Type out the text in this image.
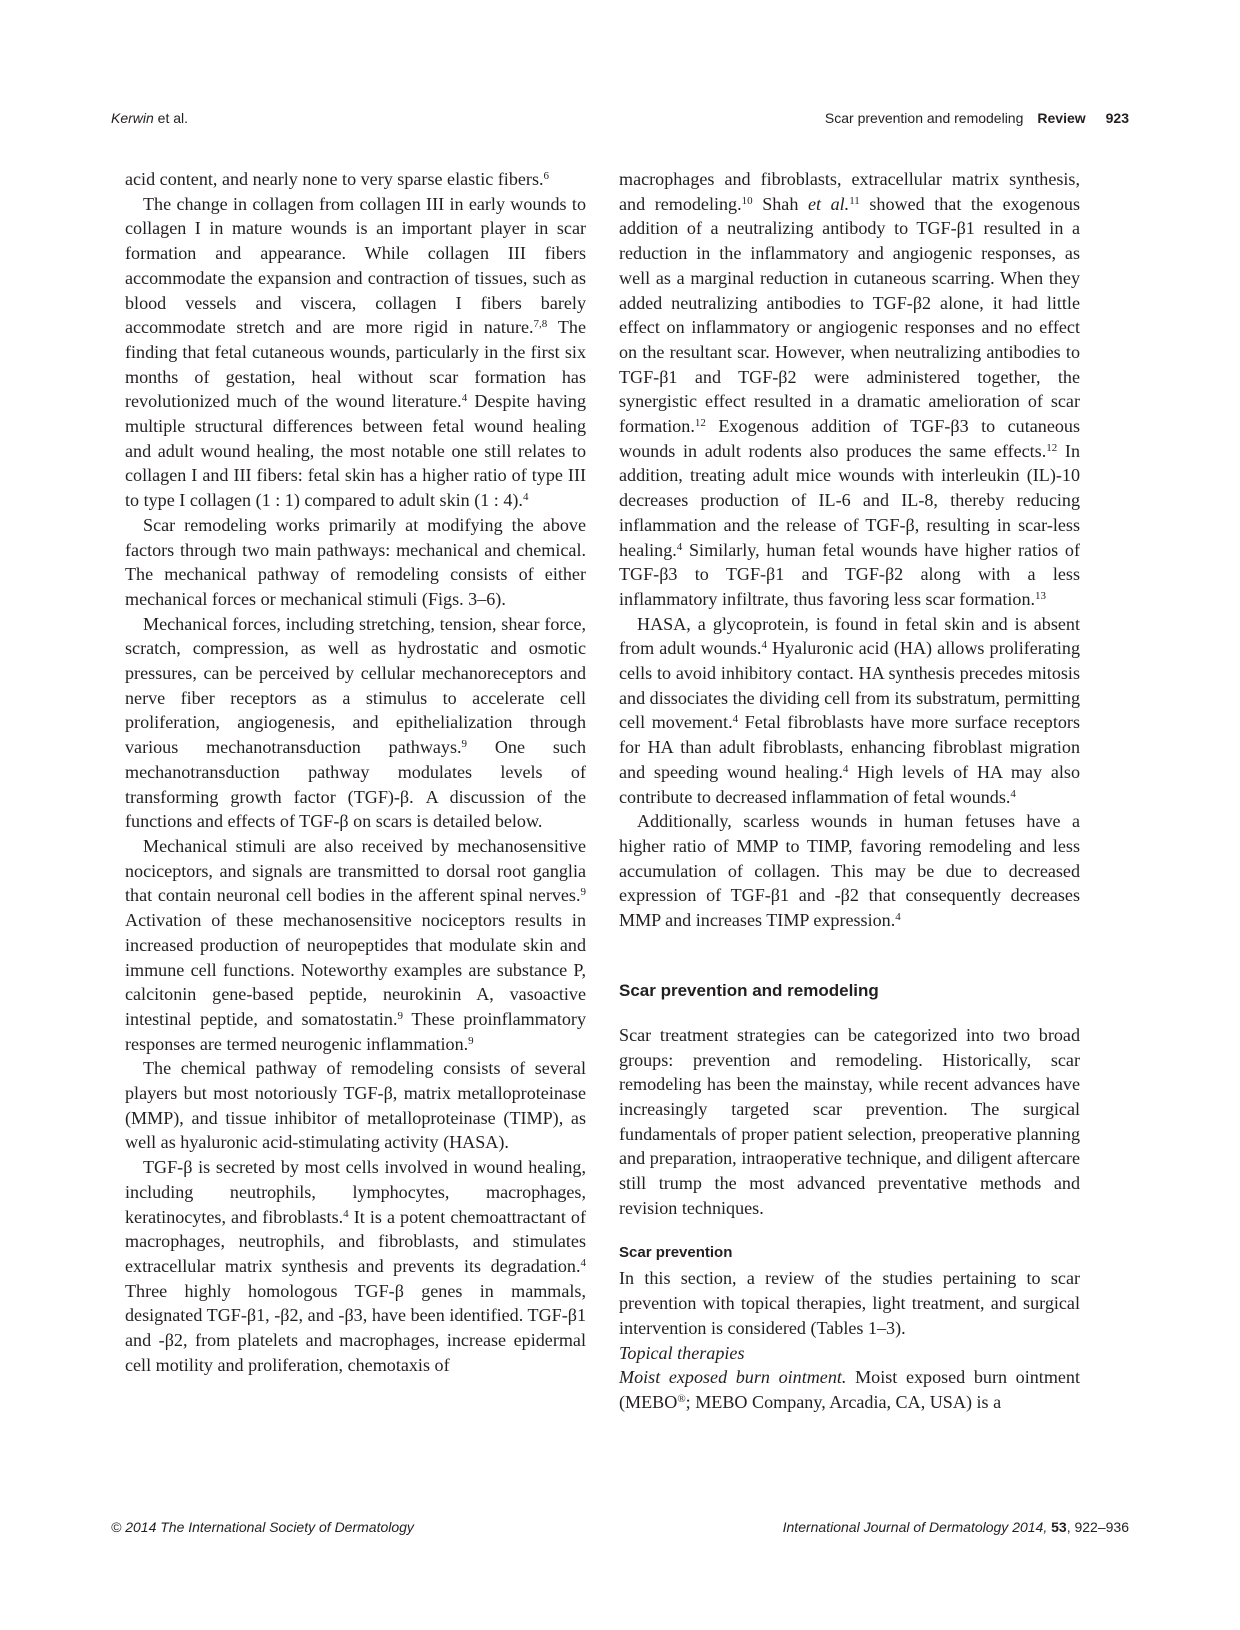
Kerwin et al.	Scar prevention and remodeling Review 923

acid content, and nearly none to very sparse elastic fibers.$^6$

The change in collagen from collagen III in early wounds to collagen I in mature wounds is an important player in scar formation and appearance. While collagen III fibers accommodate the expansion and contraction of tissues, such as blood vessels and viscera, collagen I fibers barely accommodate stretch and are more rigid in nature.$^{7,8}$ The finding that fetal cutaneous wounds, particularly in the first six months of gestation, heal without scar formation has revolutionized much of the wound literature.$^4$ Despite having multiple structural differences between fetal wound healing and adult wound healing, the most notable one still relates to collagen I and III fibers: fetal skin has a higher ratio of type III to type I collagen (1 : 1) compared to adult skin (1 : 4).$^4$

Scar remodeling works primarily at modifying the above factors through two main pathways: mechanical and chemical. The mechanical pathway of remodeling consists of either mechanical forces or mechanical stimuli (Figs. 3–6).

Mechanical forces, including stretching, tension, shear force, scratch, compression, as well as hydrostatic and osmotic pressures, can be perceived by cellular mechanoreceptors and nerve fiber receptors as a stimulus to accelerate cell proliferation, angiogenesis, and epithelialization through various mechanotransduction pathways.$^9$ One such mechanotransduction pathway modulates levels of transforming growth factor (TGF)-β. A discussion of the functions and effects of TGF-β on scars is detailed below.

Mechanical stimuli are also received by mechanosensitive nociceptors, and signals are transmitted to dorsal root ganglia that contain neuronal cell bodies in the afferent spinal nerves.$^9$ Activation of these mechanosensitive nociceptors results in increased production of neuropeptides that modulate skin and immune cell functions. Noteworthy examples are substance P, calcitonin gene-based peptide, neurokinin A, vasoactive intestinal peptide, and somatostatin.$^9$ These proinflammatory responses are termed neurogenic inflammation.$^9$

The chemical pathway of remodeling consists of several players but most notoriously TGF-β, matrix metalloproteinase (MMP), and tissue inhibitor of metalloproteinase (TIMP), as well as hyaluronic acid-stimulating activity (HASA).

TGF-β is secreted by most cells involved in wound healing, including neutrophils, lymphocytes, macrophages, keratinocytes, and fibroblasts.$^4$ It is a potent chemoattractant of macrophages, neutrophils, and fibroblasts, and stimulates extracellular matrix synthesis and prevents its degradation.$^4$ Three highly homologous TGF-β genes in mammals, designated TGF-β1, -β2, and -β3, have been identified. TGF-β1 and -β2, from platelets and macrophages, increase epidermal cell motility and proliferation, chemotaxis of

macrophages and fibroblasts, extracellular matrix synthesis, and remodeling.$^{10}$ Shah et al.$^{11}$ showed that the exogenous addition of a neutralizing antibody to TGF-β1 resulted in a reduction in the inflammatory and angiogenic responses, as well as a marginal reduction in cutaneous scarring. When they added neutralizing antibodies to TGF-β2 alone, it had little effect on inflammatory or angiogenic responses and no effect on the resultant scar. However, when neutralizing antibodies to TGF-β1 and TGF-β2 were administered together, the synergistic effect resulted in a dramatic amelioration of scar formation.$^{12}$ Exogenous addition of TGF-β3 to cutaneous wounds in adult rodents also produces the same effects.$^{12}$ In addition, treating adult mice wounds with interleukin (IL)-10 decreases production of IL-6 and IL-8, thereby reducing inflammation and the release of TGF-β, resulting in scar-less healing.$^4$ Similarly, human fetal wounds have higher ratios of TGF-β3 to TGF-β1 and TGF-β2 along with a less inflammatory infiltrate, thus favoring less scar formation.$^{13}$

HASA, a glycoprotein, is found in fetal skin and is absent from adult wounds.$^4$ Hyaluronic acid (HA) allows proliferating cells to avoid inhibitory contact. HA synthesis precedes mitosis and dissociates the dividing cell from its substratum, permitting cell movement.$^4$ Fetal fibroblasts have more surface receptors for HA than adult fibroblasts, enhancing fibroblast migration and speeding wound healing.$^4$ High levels of HA may also contribute to decreased inflammation of fetal wounds.$^4$

Additionally, scarless wounds in human fetuses have a higher ratio of MMP to TIMP, favoring remodeling and less accumulation of collagen. This may be due to decreased expression of TGF-β1 and -β2 that consequently decreases MMP and increases TIMP expression.$^4$

Scar prevention and remodeling

Scar treatment strategies can be categorized into two broad groups: prevention and remodeling. Historically, scar remodeling has been the mainstay, while recent advances have increasingly targeted scar prevention. The surgical fundamentals of proper patient selection, preoperative planning and preparation, intraoperative technique, and diligent aftercare still trump the most advanced preventative methods and revision techniques.

Scar prevention

In this section, a review of the studies pertaining to scar prevention with topical therapies, light treatment, and surgical intervention is considered (Tables 1–3).

Topical therapies

Moist exposed burn ointment. Moist exposed burn ointment (MEBO®; MEBO Company, Arcadia, CA, USA) is a

© 2014 The International Society of Dermatology	International Journal of Dermatology 2014, 53, 922–936
